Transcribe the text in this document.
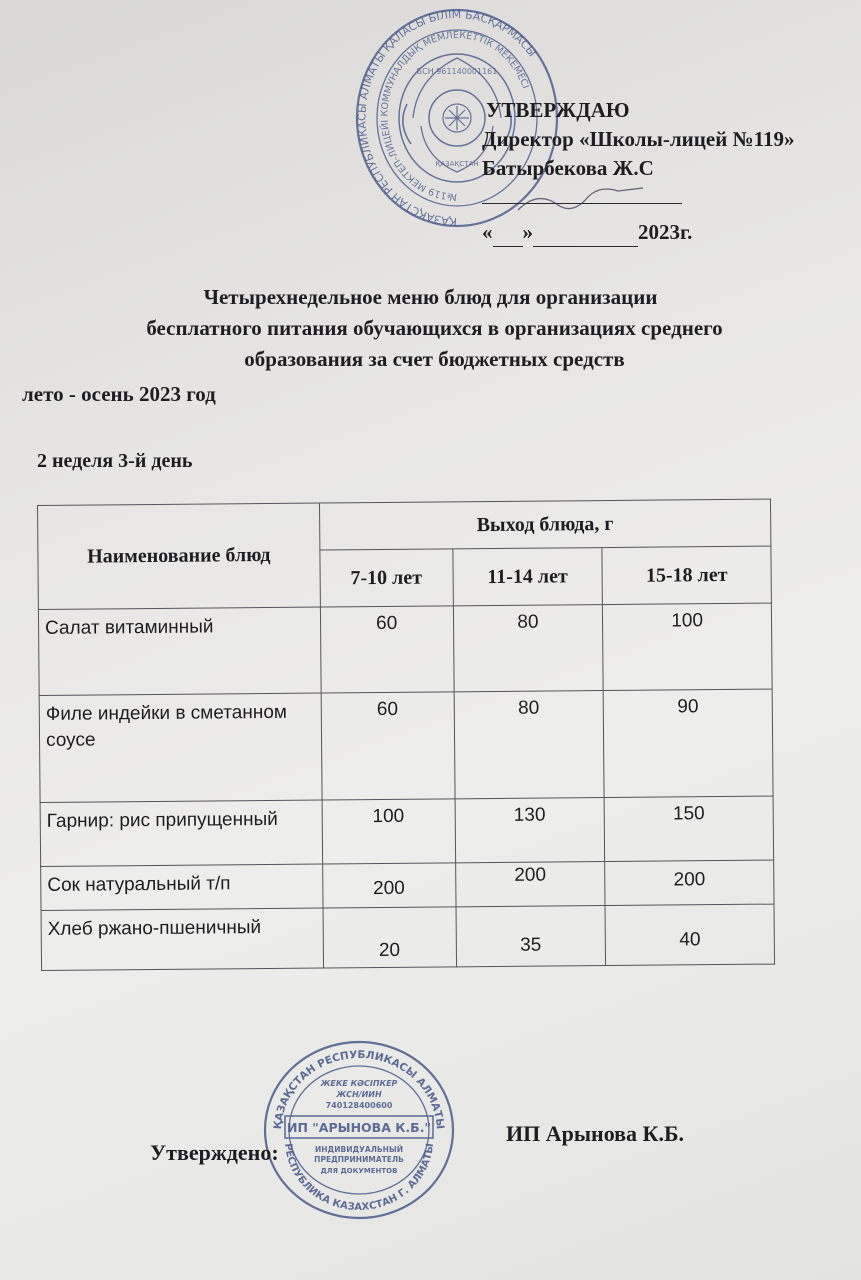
ҚАЗАҚСТАН РЕСПУБЛИКАСЫ АЛМАТЫ ҚАЛАСЫ БІЛІМ БАСҚАРМАСЫ
№119 МЕКТЕП-ЛИЦЕЙІ КОММУНАЛДЫҚ МЕМЛЕКЕТТІК МЕКЕМЕСІ
БСН 961140001161
ҚАЗАҚСТАН
УТВЕРЖДАЮ
Директор «Школы-лицей №119»
Батырбекова Ж.С
« »	2023г.
Четырехнедельное меню блюд для организации
бесплатного питания обучающихся в организациях среднего
образования за счет бюджетных средств
лето - осень 2023 год
2 неделя 3-й день
Наименование блюд	Выход блюда, г		
	7-10 лет	11-14 лет	15-18 лет
Салат витаминный	60	80	100
Филе индейки в сметанном соусе	60	80	90
Гарнир: рис припущенный	100	130	150
Сок натуральный т/п	200	200	200
Хлеб ржано-пшеничный	20	35	40
ҚАЗАҚСТАН РЕСПУБЛИКАСЫ АЛМАТЫ
РЕСПУБЛИКА КАЗАХСТАН Г. АЛМАТЫ
ЖЕКЕ КӘСІПКЕР
ЖСН/ИИН
740128400600
ИП "АРЫНОВА К.Б."
ИНДИВИДУАЛЬНЫЙ
ПРЕДПРИНИМАТЕЛЬ
ДЛЯ ДОКУМЕНТОВ
Утверждено:
ИП Арынова К.Б.
